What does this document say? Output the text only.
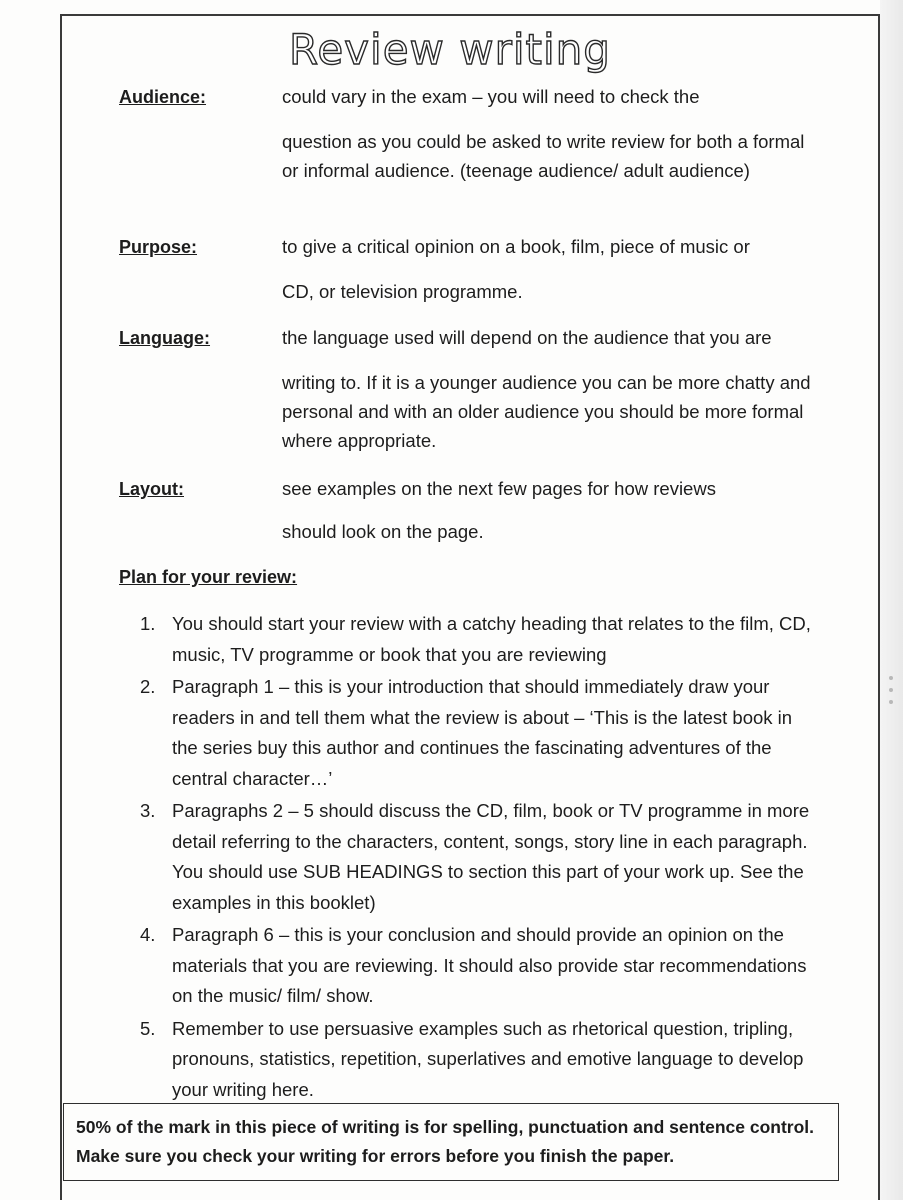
Review writing
Audience:	could vary in the exam – you will need to check the
question as you could be asked to write review for both a formal or informal audience. (teenage audience/ adult audience)
Purpose:	to give a critical opinion on a book, film, piece of music or
CD, or television programme.
Language:	the language used will depend on the audience that you are
writing to. If it is a younger audience you can be more chatty and personal and with an older audience you should be more formal where appropriate.
Layout:	see examples on the next few pages for how reviews
should look on the page.
Plan for your review:
1. You should start your review with a catchy heading that relates to the film, CD, music, TV programme or book that you are reviewing
2. Paragraph 1 – this is your introduction that should immediately draw your readers in and tell them what the review is about – ‘This is the latest book in the series buy this author and continues the fascinating adventures of the central character…’
3. Paragraphs 2 – 5 should discuss the CD, film, book or TV programme in more detail referring to the characters, content, songs, story line in each paragraph. You should use SUB HEADINGS to section this part of your work up. See the examples in this booklet)
4. Paragraph 6 – this is your conclusion and should provide an opinion on the materials that you are reviewing. It should also provide star recommendations on the music/ film/ show.
5. Remember to use persuasive examples such as rhetorical question, tripling, pronouns, statistics, repetition, superlatives and emotive language to develop your writing here.
50% of the mark in this piece of writing is for spelling, punctuation and sentence control. Make sure you check your writing for errors before you finish the paper.
